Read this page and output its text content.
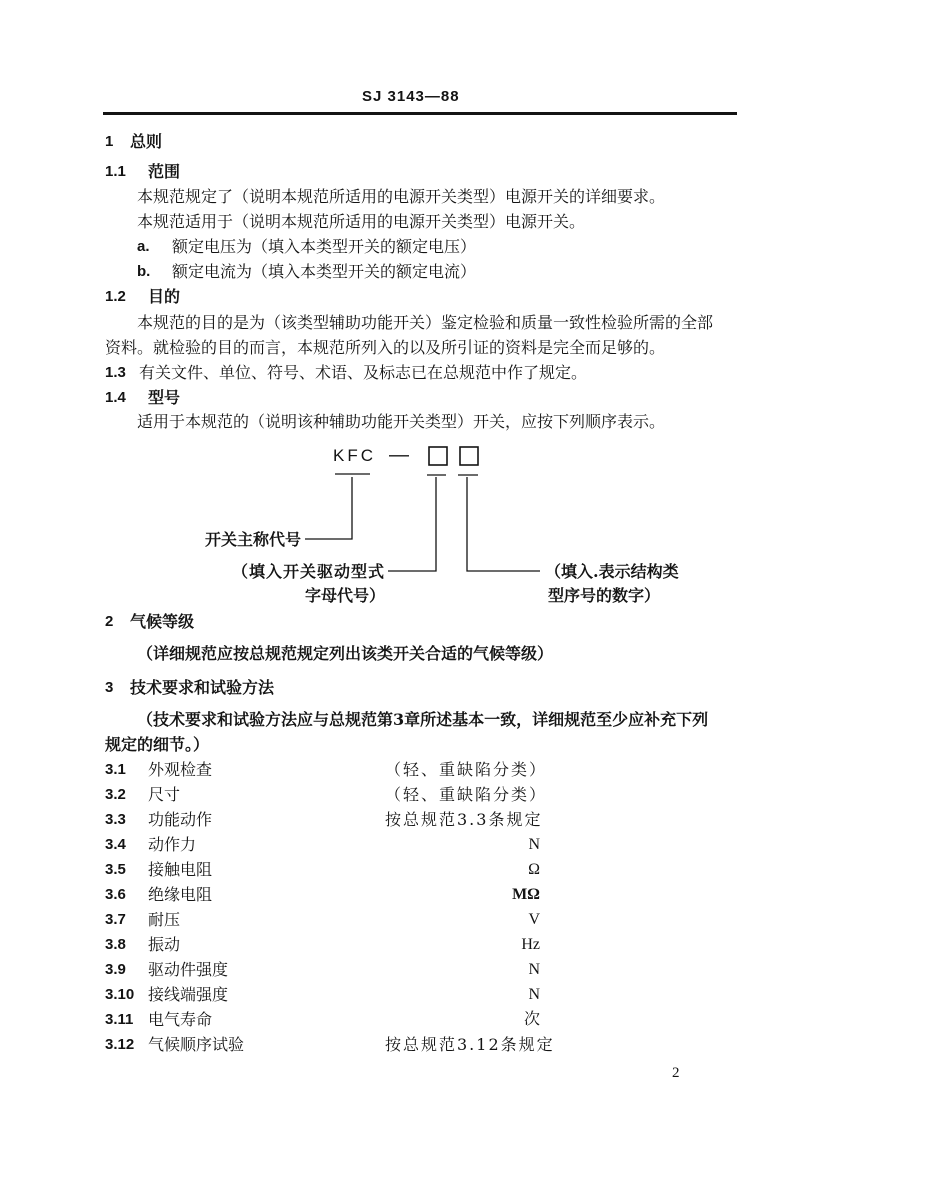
SJ 3143—88
1 总则
1.1 范围
本规范规定了（说明本规范所适用的电源开关类型）电源开关的详细要求。
本规范适用于（说明本规范所适用的电源开关类型）电源开关。
a. 额定电压为（填入本类型开关的额定电压）
b. 额定电流为（填入本类型开关的额定电流）
1.2 目的
本规范的目的是为（该类型辅助功能开关）鉴定检验和质量一致性检验所需的全部
资料。就检验的目的而言，本规范所列入的以及所引证的资料是完全而足够的。
1.3 有关文件、单位、符号、术语、及标志已在总规范中作了规定。
1.4 型号
适用于本规范的（说明该种辅助功能开关类型）开关，应按下列顺序表示。
KFC —
开关主称代号
（填入开关驱动型式
字母代号）
（填入.表示结构类
型序号的数字）
2 气候等级
（详细规范应按总规范规定列出该类开关合适的气候等级）
3 技术要求和试验方法
（技术要求和试验方法应与总规范第3章所述基本一致，详细规范至少应补充下列
规定的细节。）
3.1 外观检查	（轻、重缺陷分类）
3.2 尺寸	（轻、重缺陷分类）
3.3 功能动作	按总规范3.3条规定
3.4 动作力	N
3.5 接触电阻	Ω
3.6 绝缘电阻	MΩ
3.7 耐压	V
3.8 振动	Hz
3.9 驱动件强度	N
3.10 接线端强度	N
3.11 电气寿命	次
3.12 气候顺序试验	按总规范3.12条规定
2
